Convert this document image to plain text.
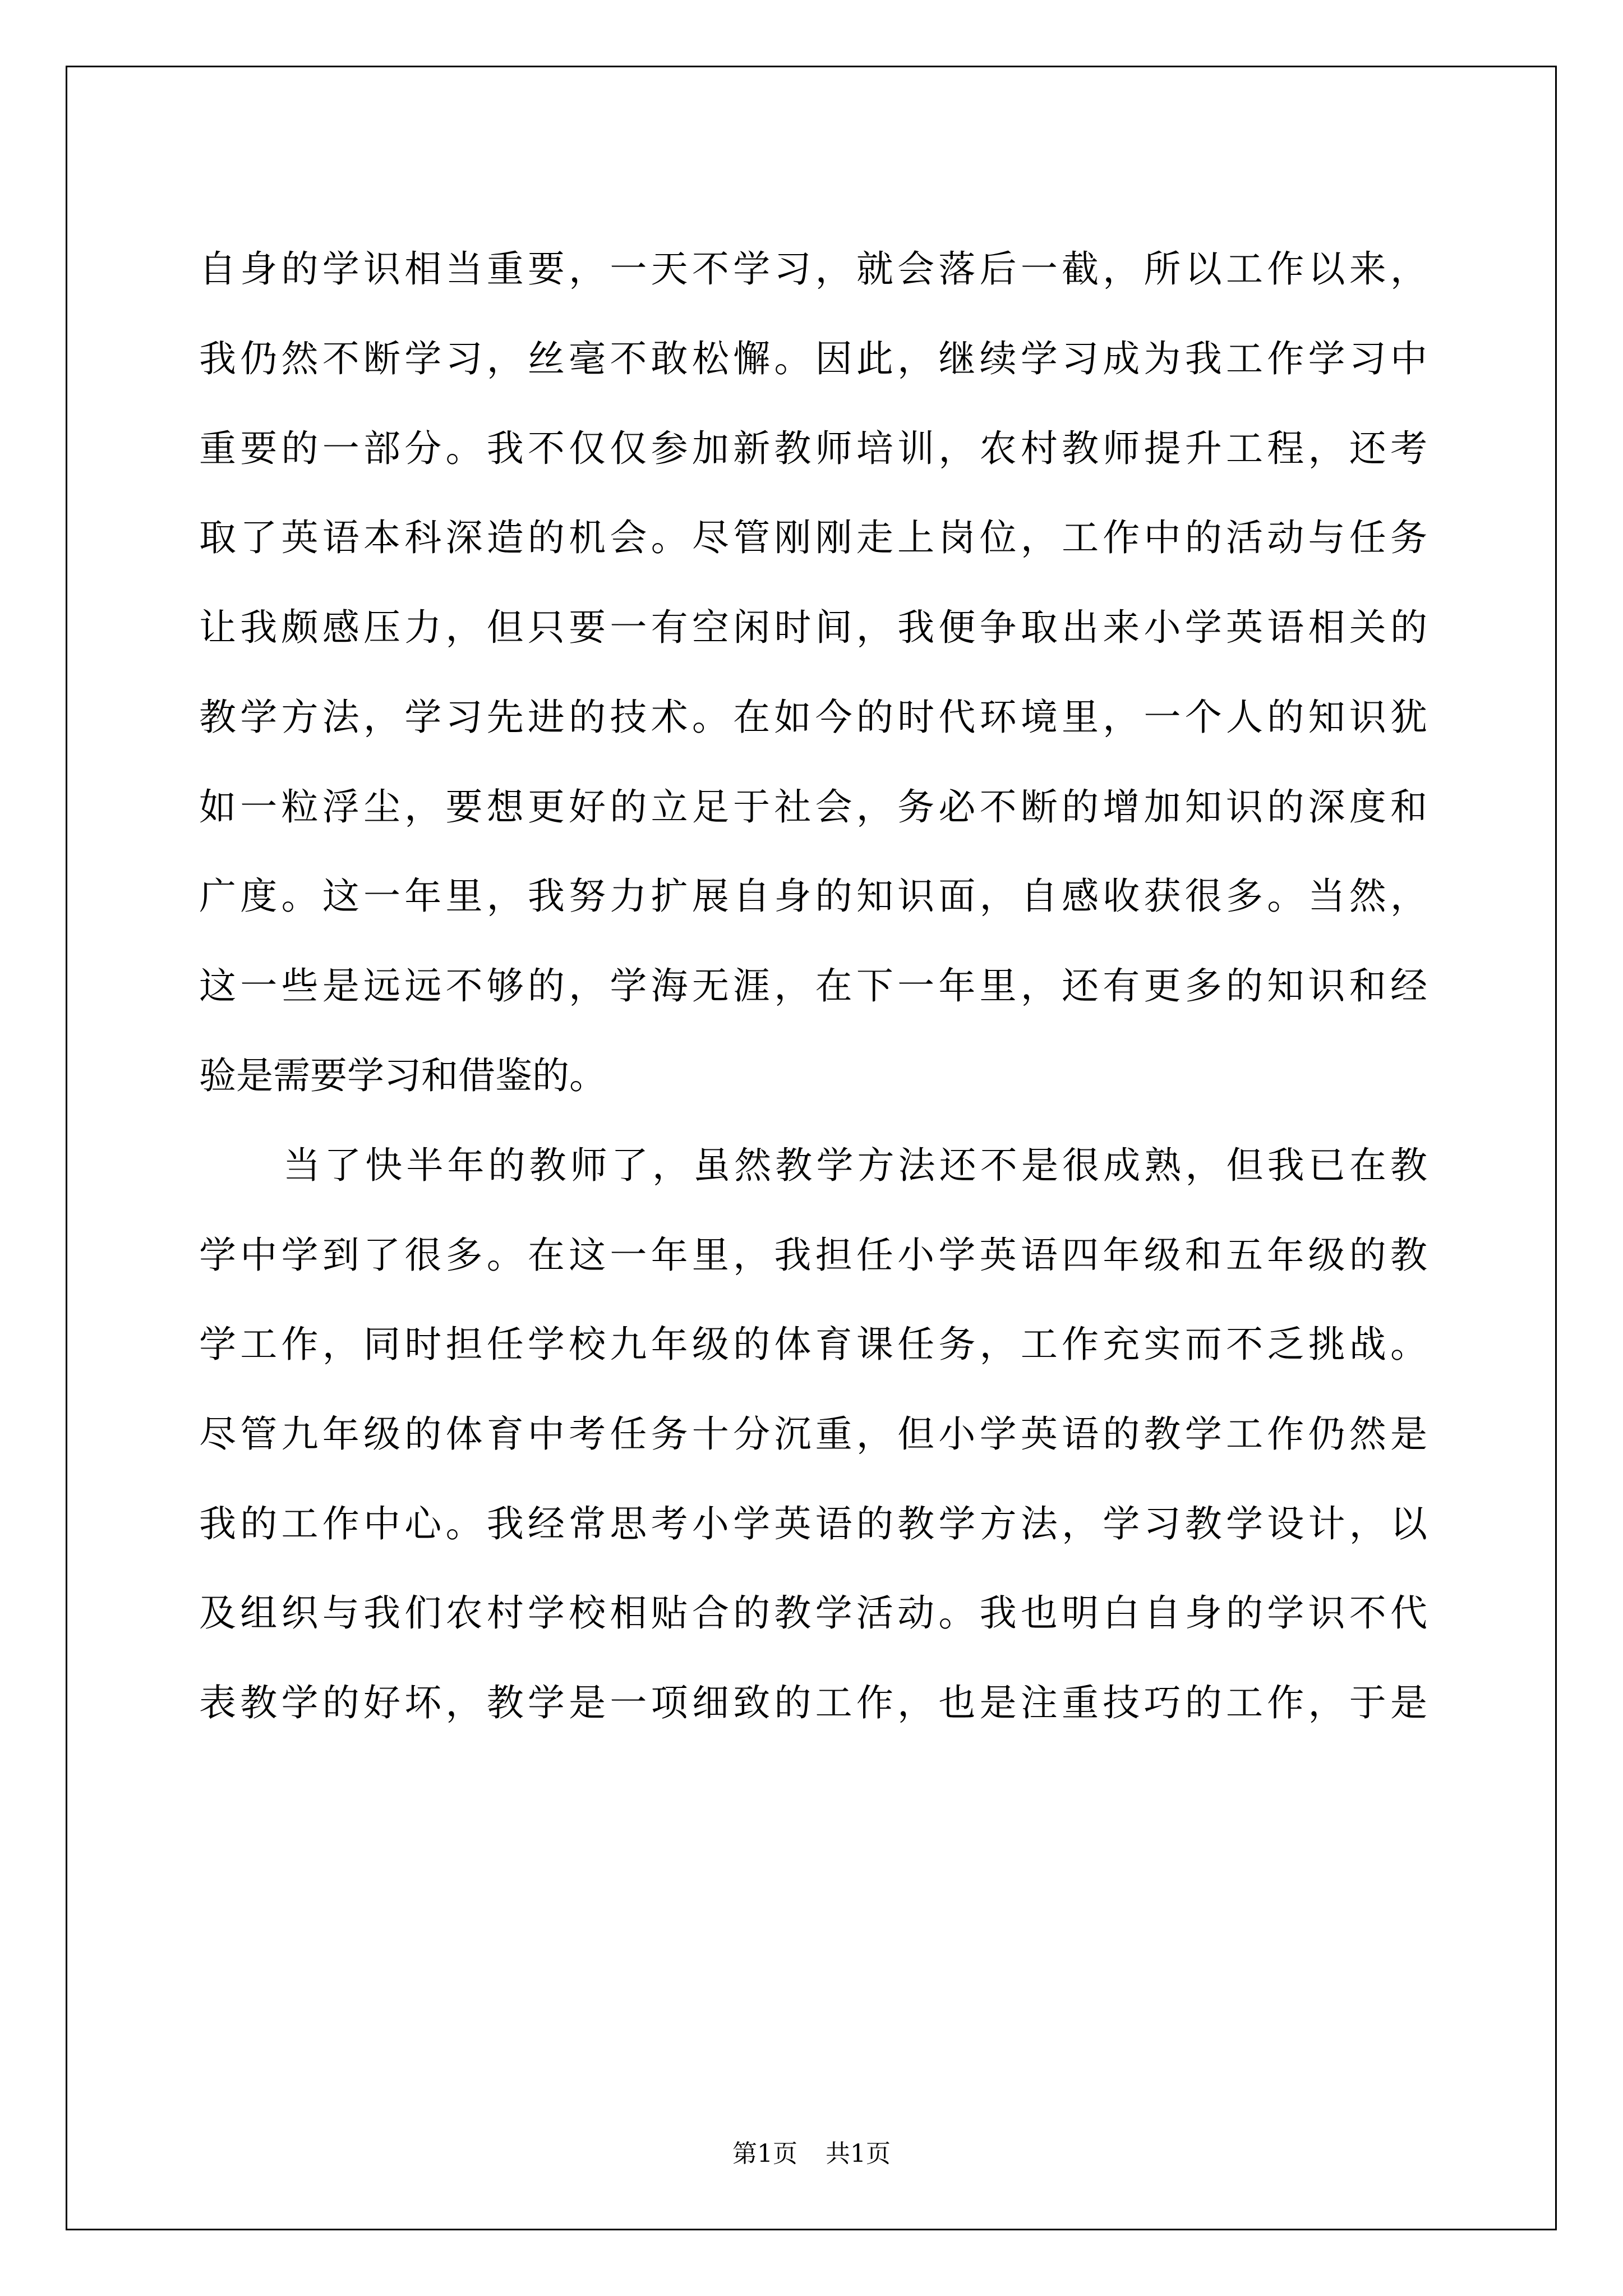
自身的学识相当重要，一天不学习，就会落后一截，所以工作以来，
我仍然不断学习，丝毫不敢松懈。因此，继续学习成为我工作学习中
重要的一部分。我不仅仅参加新教师培训，农村教师提升工程，还考
取了英语本科深造的机会。尽管刚刚走上岗位，工作中的活动与任务
让我颇感压力，但只要一有空闲时间，我便争取出来小学英语相关的
教学方法，学习先进的技术。在如今的时代环境里，一个人的知识犹
如一粒浮尘，要想更好的立足于社会，务必不断的增加知识的深度和
广度。这一年里，我努力扩展自身的知识面，自感收获很多。当然，
这一些是远远不够的，学海无涯，在下一年里，还有更多的知识和经
验是需要学习和借鉴的。
当了快半年的教师了，虽然教学方法还不是很成熟，但我已在教
学中学到了很多。在这一年里，我担任小学英语四年级和五年级的教
学工作，同时担任学校九年级的体育课任务，工作充实而不乏挑战。
尽管九年级的体育中考任务十分沉重，但小学英语的教学工作仍然是
我的工作中心。我经常思考小学英语的教学方法，学习教学设计，以
及组织与我们农村学校相贴合的教学活动。我也明白自身的学识不代
表教学的好坏，教学是一项细致的工作，也是注重技巧的工作，于是
第1页 共1页
